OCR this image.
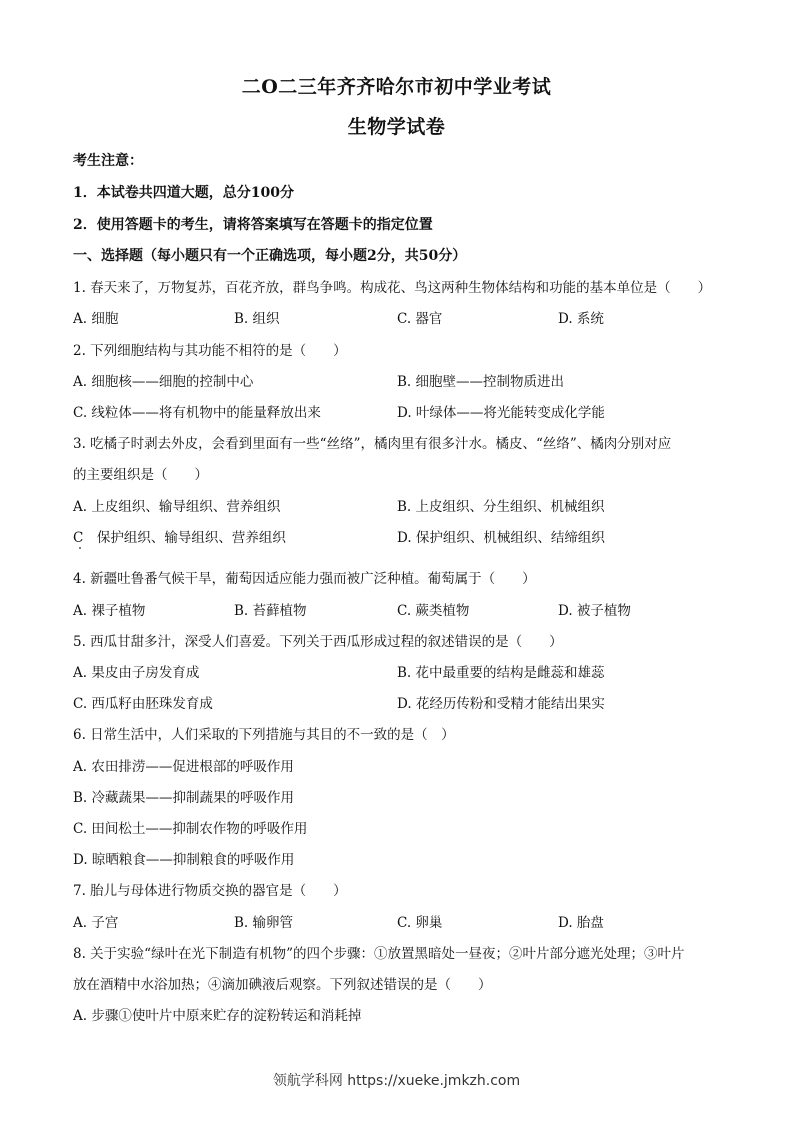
二O二三年齐齐哈尔市初中学业考试
生物学试卷
考生注意：
1．本试卷共四道大题，总分100分
2．使用答题卡的考生，请将答案填写在答题卡的指定位置
一、选择题（每小题只有一个正确选项，每小题2分，共50分）
1. 春天来了，万物复苏，百花齐放，群鸟争鸣。构成花、鸟这两种生物体结构和功能的基本单位是（　　）
A. 细胞	B. 组织	C. 器官	D. 系统
2. 下列细胞结构与其功能不相符的是（　　）
A. 细胞核——细胞的控制中心	B. 细胞壁——控制物质进出
C. 线粒体——将有机物中的能量释放出来	D. 叶绿体——将光能转变成化学能
3. 吃橘子时剥去外皮，会看到里面有一些“丝络”，橘肉里有很多汁水。橘皮、“丝络”、橘肉分别对应
的主要组织是（　　）
A. 上皮组织、输导组织、营养组织	B. 上皮组织、分生组织、机械组织
C　保护组织、输导组织、营养组织	D. 保护组织、机械组织、结缔组织
4. 新疆吐鲁番气候干旱，葡萄因适应能力强而被广泛种植。葡萄属于（　　）
A. 裸子植物	B. 苔藓植物	C. 蕨类植物	D. 被子植物
5. 西瓜甘甜多汁，深受人们喜爱。下列关于西瓜形成过程的叙述错误的是（　　）
A. 果皮由子房发育成	B. 花中最重要的结构是雌蕊和雄蕊
C. 西瓜籽由胚珠发育成	D. 花经历传粉和受精才能结出果实
6. 日常生活中，人们采取的下列措施与其目的不一致的是（　）
A. 农田排涝——促进根部的呼吸作用
B. 冷藏蔬果——抑制蔬果的呼吸作用
C. 田间松土——抑制农作物的呼吸作用
D. 晾晒粮食——抑制粮食的呼吸作用
7. 胎儿与母体进行物质交换的器官是（　　）
A. 子宫	B. 输卵管	C. 卵巢	D. 胎盘
8. 关于实验“绿叶在光下制造有机物”的四个步骤：①放置黑暗处一昼夜；②叶片部分遮光处理；③叶片
放在酒精中水浴加热；④滴加碘液后观察。下列叙述错误的是（　　）
A. 步骤①使叶片中原来贮存的淀粉转运和消耗掉
领航学科网 https://xueke.jmkzh.com
